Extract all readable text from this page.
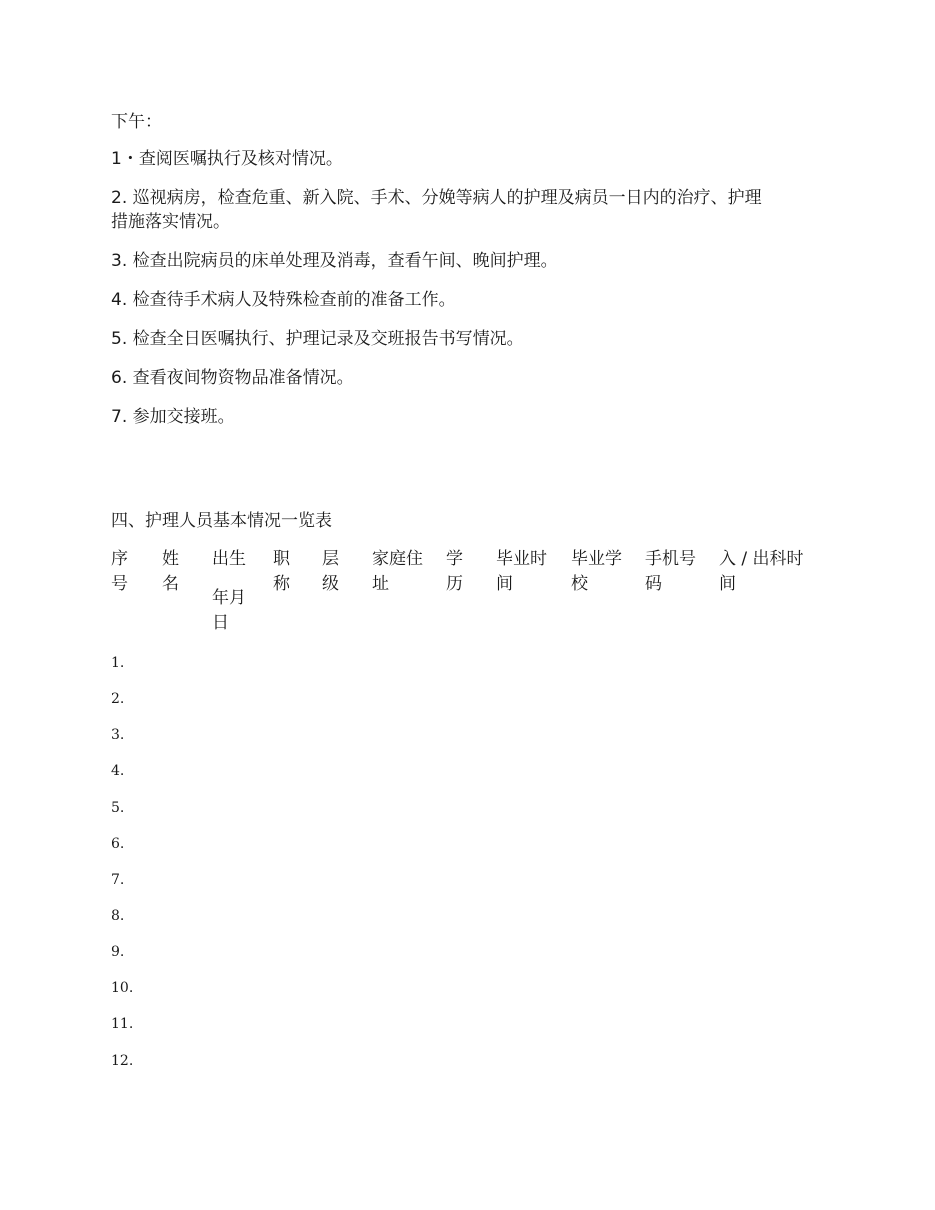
下午：
1・查阅医嘱执行及核对情况。
2. 巡视病房，检查危重、新入院、手术、分娩等病人的护理及病员一日内的治疗、护理
措施落实情况。
3. 检查出院病员的床单处理及消毒，查看午间、晚间护理。
4. 检查待手术病人及特殊检查前的准备工作。
5. 检查全日医嘱执行、护理记录及交班报告书写情况。
6. 查看夜间物资物品准备情况。
7. 参加交接班。
四、护理人员基本情况一览表
序
号
姓
名
出生
年月
日
职
称
层
级
家庭住
址
学
历
毕业时
间
毕业学
校
手机号
码
入 / 出科时
间
1.
2.
3.
4.
5.
6.
7.
8.
9.
10.
11.
12.
